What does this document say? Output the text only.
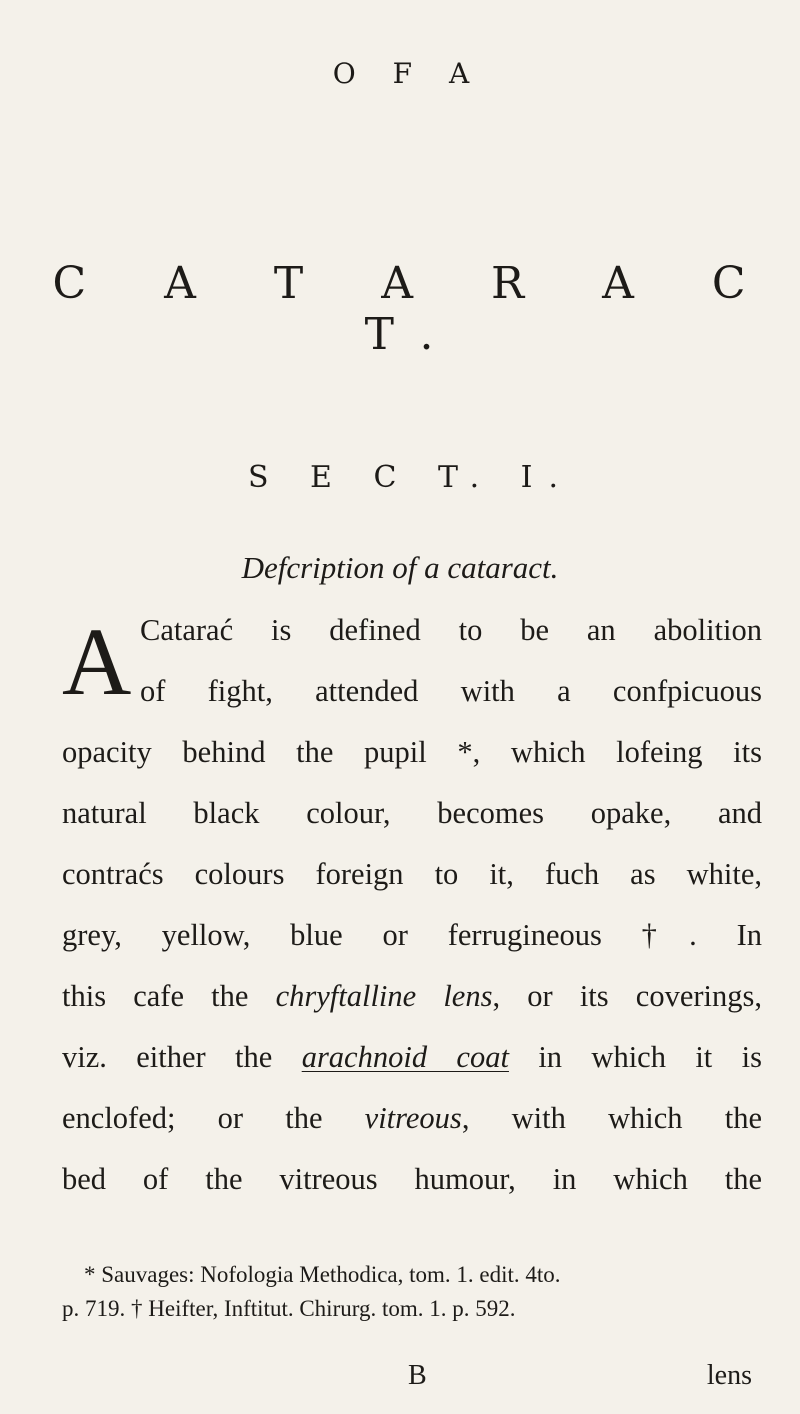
O F A
C A T A R A C T.
S E C T. I.
Defcription of a cataract.
A Catarać is defined to be an abolition
of fight, attended with a confpicuous
opacity behind the pupil *, which lofeing its
natural black colour, becomes opake, and
contraćs colours foreign to it, fuch as white,
grey, yellow, blue or ferrugineous †. In
this cafe the chryftalline lens, or its coverings,
viz. either the arachnoid coat in which it is
enclofed; or the vitreous, with which the
bed of the vitreous humour, in which the
* Sauvages: Nofologia Methodica, tom. 1. edit. 4to.
p. 719. † Heifter, Inftitut. Chirurg. tom. 1. p. 592.
B	lens
